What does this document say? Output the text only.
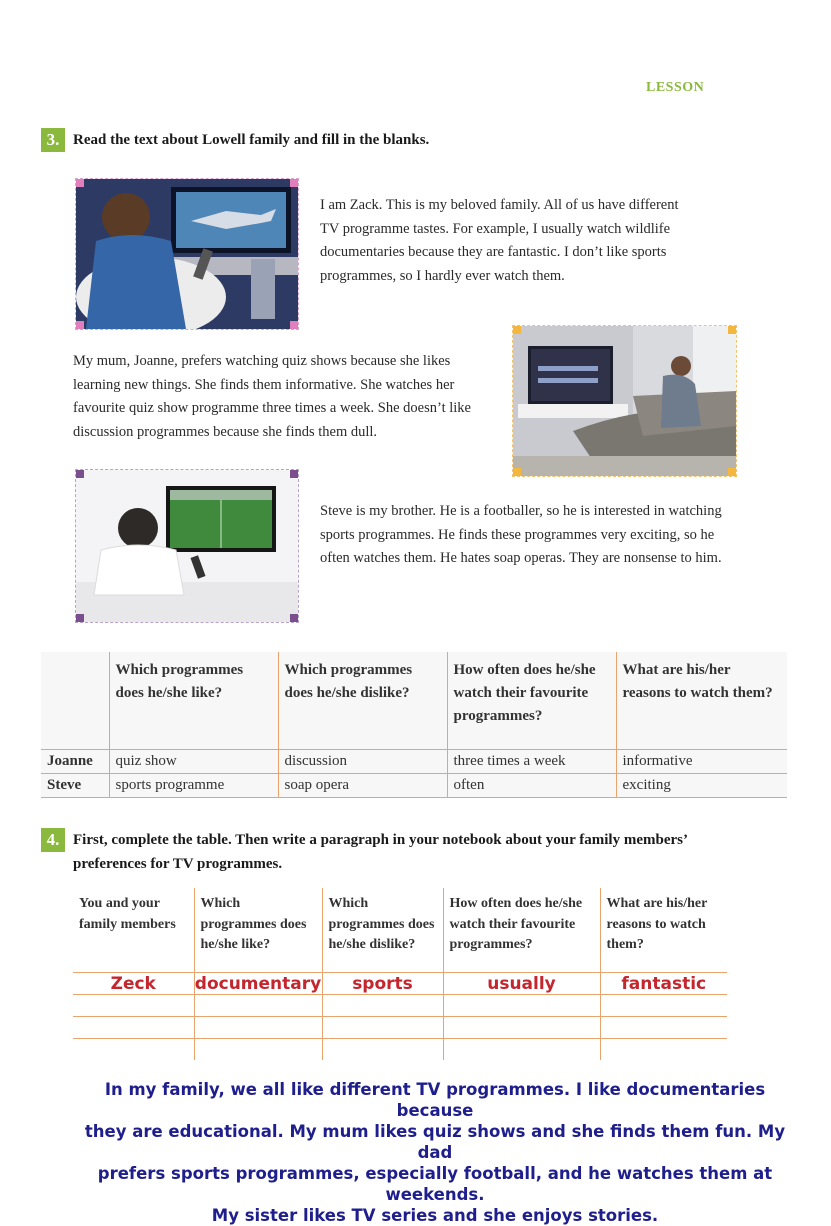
LESSON
3. Read the text about Lowell family and fill in the blanks.
I am Zack. This is my beloved family. All of us have different
TV programme tastes. For example, I usually watch wildlife
documentaries because they are fantastic. I don’t like sports
programmes, so I hardly ever watch them.
My mum, Joanne, prefers watching quiz shows because she likes
learning new things. She finds them informative. She watches her
favourite quiz show programme three times a week. She doesn’t like
discussion programmes because she finds them dull.
Steve is my brother. He is a footballer, so he is interested in watching
sports programmes. He finds these programmes very exciting, so he
often watches them. He hates soap operas. They are nonsense to him.
	Which programmes does he/she like?	Which programmes does he/she dislike?	How often does he/she watch their favourite programmes?	What are his/her reasons to watch them?
Joanne	quiz show	discussion	three times a week	informative
Steve	sports programme	soap opera	often	exciting
4. First, complete the table. Then write a paragraph in your notebook about your family members’
preferences for TV programmes.
You and your family members	Which programmes does he/she like?	Which programmes does he/she dislike?	How often does he/she watch their favourite programmes?	What are his/her reasons to watch them?
Zeck	documentary	sports	usually	fantastic

In my family, we all like different TV programmes. I like documentaries because
they are educational. My mum likes quiz shows and she finds them fun. My dad
prefers sports programmes, especially football, and he watches them at weekends.
My sister likes TV series and she enjoys stories.
